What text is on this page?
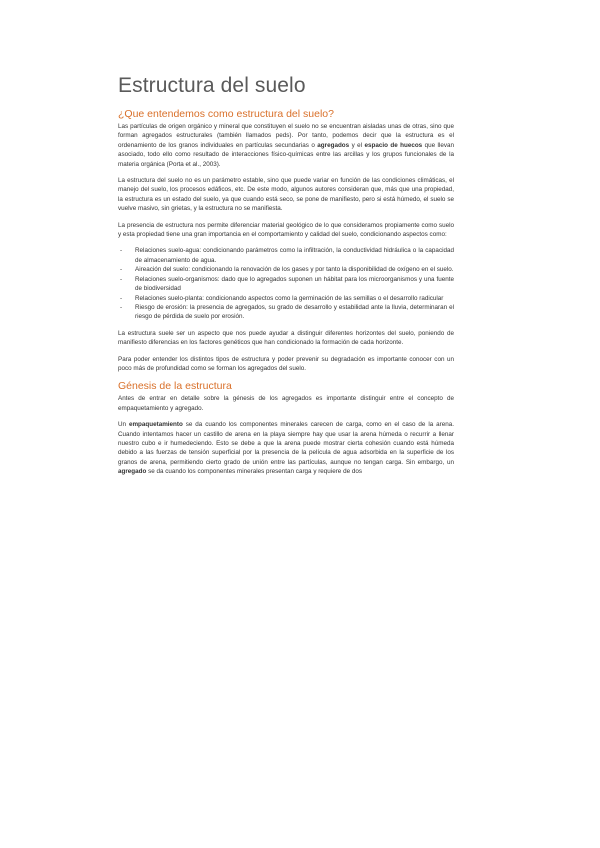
Estructura del suelo
¿Que entendemos como estructura del suelo?

Las partículas de origen orgánico y mineral que constituyen el suelo no se encuentran aisladas unas de otras, sino que forman agregados estructurales (también llamados peds). Por tanto, podemos decir que la estructura es el ordenamiento de los granos individuales en partículas secundarias o agregados y el espacio de huecos que llevan asociado, todo ello como resultado de interacciones físico-químicas entre las arcillas y los grupos funcionales de la materia orgánica (Porta et al., 2003).

La estructura del suelo no es un parámetro estable, sino que puede variar en función de las condiciones climáticas, el manejo del suelo, los procesos edáficos, etc. De este modo, algunos autores consideran que, más que una propiedad, la estructura es un estado del suelo, ya que cuando está seco, se pone de manifiesto, pero si está húmedo, el suelo se vuelve masivo, sin grietas, y la estructura no se manifiesta.

La presencia de estructura nos permite diferenciar material geológico de lo que consideramos propiamente como suelo y esta propiedad tiene una gran importancia en el comportamiento y calidad del suelo, condicionando aspectos como:

- Relaciones suelo-agua: condicionando parámetros como la infiltración, la conductividad hidráulica o la capacidad de almacenamiento de agua.
- Aireación del suelo: condicionando la renovación de los gases y por tanto la disponibilidad de oxígeno en el suelo.
- Relaciones suelo-organismos: dado que lo agregados suponen un hábitat para los microorganismos y una fuente de biodiversidad
- Relaciones suelo-planta: condicionando aspectos como la germinación de las semillas o el desarrollo radicular
- Riesgo de erosión: la presencia de agregados, su grado de desarrollo y estabilidad ante la lluvia, determinaran el riesgo de pérdida de suelo por erosión.

La estructura suele ser un aspecto que nos puede ayudar a distinguir diferentes horizontes del suelo, poniendo de manifiesto diferencias en los factores genéticos que han condicionado la formación de cada horizonte.

Para poder entender los distintos tipos de estructura y poder prevenir su degradación es importante conocer con un poco más de profundidad como se forman los agregados del suelo.

Génesis de la estructura

Antes de entrar en detalle sobre la génesis de los agregados es importante distinguir entre el concepto de empaquetamiento y agregado.

Un empaquetamiento se da cuando los componentes minerales carecen de carga, como en el caso de la arena. Cuando intentamos hacer un castillo de arena en la playa siempre hay que usar la arena húmeda o recurrir a llenar nuestro cubo e ir humedeciendo. Esto se debe a que la arena puede mostrar cierta cohesión cuando está húmeda debido a las fuerzas de tensión superficial por la presencia de la película de agua adsorbida en la superficie de los granos de arena, permitiendo cierto grado de unión entre las partículas, aunque no tengan carga. Sin embargo, un agregado se da cuando los componentes minerales presentan carga y requiere de dos
